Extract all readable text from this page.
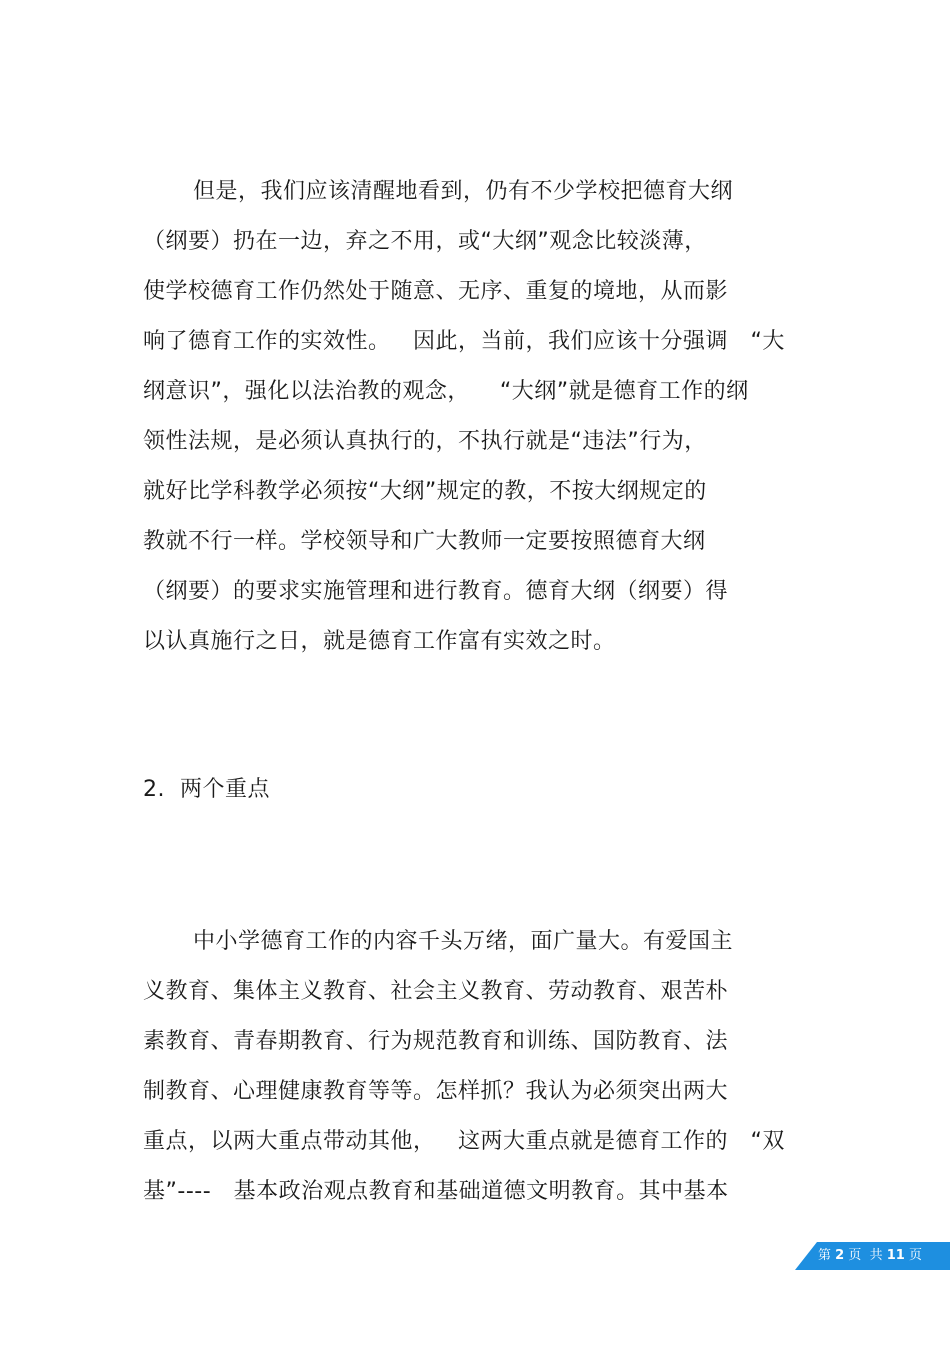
但是，我们应该清醒地看到，仍有不少学校把德育大纲
（纲要）扔在一边，弃之不用，或“大纲”观念比较淡薄，
使学校德育工作仍然处于随意、无序、重复的境地，从而影
响了德育工作的实效性。   因此，当前，我们应该十分强调   “大
纲意识”，强化以法治教的观念，    “大纲”就是德育工作的纲
领性法规，是必须认真执行的，不执行就是“违法”行为，
就好比学科教学必须按“大纲”规定的教，不按大纲规定的
教就不行一样。学校领导和广大教师一定要按照德育大纲
（纲要）的要求实施管理和进行教育。德育大纲（纲要）得
以认真施行之日，就是德育工作富有实效之时。
2.  两个重点
中小学德育工作的内容千头万绪，面广量大。有爱国主
义教育、集体主义教育、社会主义教育、劳动教育、艰苦朴
素教育、青春期教育、行为规范教育和训练、国防教育、法
制教育、心理健康教育等等。怎样抓？我认为必须突出两大
重点，以两大重点带动其他，   这两大重点就是德育工作的   “双
基”----   基本政治观点教育和基础道德文明教育。其中基本
第 2 页  共 11 页
